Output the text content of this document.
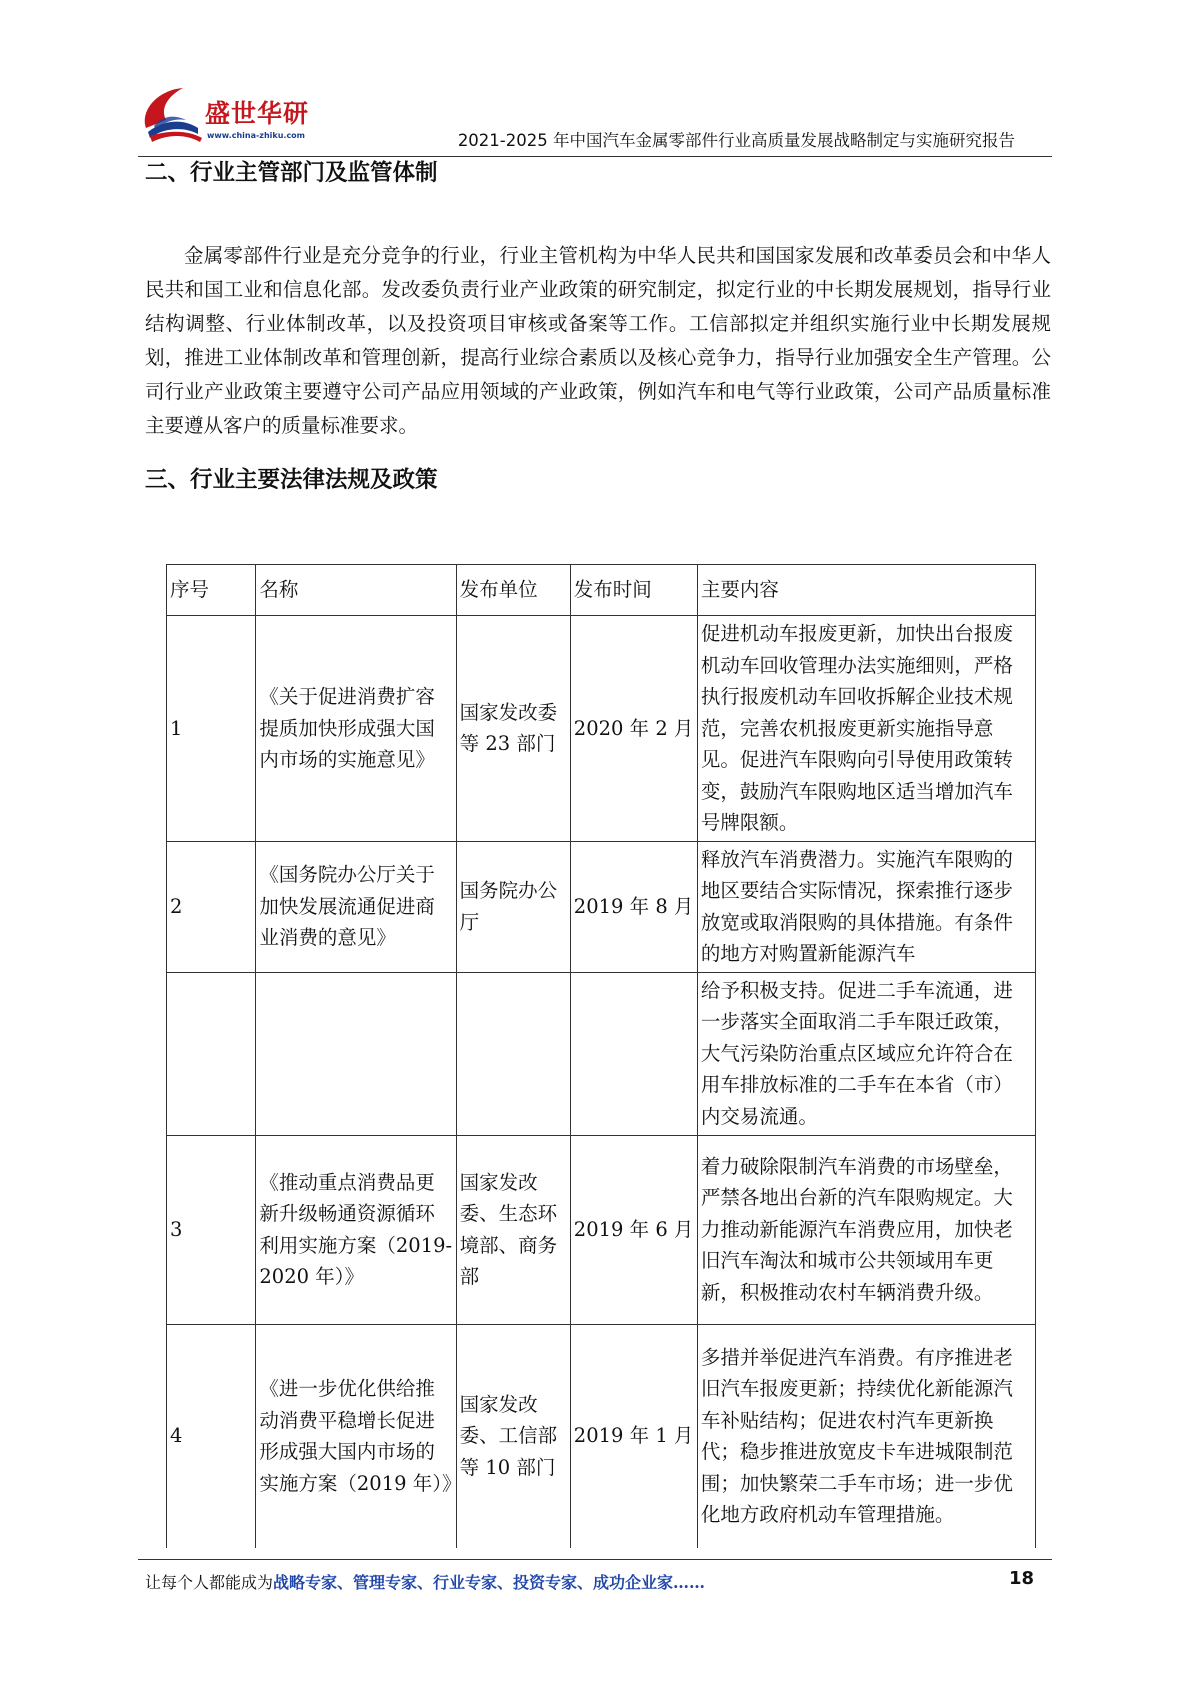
盛世华研
www.china-zhiku.com	2021-2025 年中国汽车金属零部件行业高质量发展战略制定与实施研究报告
二、行业主管部门及监管体制

金属零部件行业是充分竞争的行业，行业主管机构为中华人民共和国国家发展和改革委员会和中华人民共和国工业和信息化部。发改委负责行业产业政策的研究制定，拟定行业的中长期发展规划，指导行业结构调整、行业体制改革，以及投资项目审核或备案等工作。工信部拟定并组织实施行业中长期发展规划，推进工业体制改革和管理创新，提高行业综合素质以及核心竞争力，指导行业加强安全生产管理。公司行业产业政策主要遵守公司产品应用领域的产业政策，例如汽车和电气等行业政策，公司产品质量标准主要遵从客户的质量标准要求。

三、行业主要法律法规及政策
序号	名称	发布单位	发布时间	主要内容
1	《关于促进消费扩容提质加快形成强大国内市场的实施意见》	国家发改委等 23 部门	2020 年 2 月	促进机动车报废更新，加快出台报废机动车回收管理办法实施细则，严格执行报废机动车回收拆解企业技术规范，完善农机报废更新实施指导意见。促进汽车限购向引导使用政策转变，鼓励汽车限购地区适当增加汽车号牌限额。
2	《国务院办公厅关于加快发展流通促进商业消费的意见》	国务院办公厅	2019 年 8 月	释放汽车消费潜力。实施汽车限购的地区要结合实际情况，探索推行逐步放宽或取消限购的具体措施。有条件的地方对购置新能源汽车
				给予积极支持。促进二手车流通，进一步落实全面取消二手车限迁政策，大气污染防治重点区域应允许符合在用车排放标准的二手车在本省（市）内交易流通。
3	《推动重点消费品更新升级畅通资源循环利用实施方案（2019-2020 年）》	国家发改委、生态环境部、商务部	2019 年 6 月	着力破除限制汽车消费的市场壁垒，严禁各地出台新的汽车限购规定。大力推动新能源汽车消费应用，加快老旧汽车淘汰和城市公共领域用车更新，积极推动农村车辆消费升级。
4	《进一步优化供给推动消费平稳增长促进形成强大国内市场的实施方案（2019 年）》	国家发改委、工信部等 10 部门	2019 年 1 月	多措并举促进汽车消费。有序推进老旧汽车报废更新；持续优化新能源汽车补贴结构；促进农村汽车更新换代；稳步推进放宽皮卡车进城限制范围；加快繁荣二手车市场；进一步优化地方政府机动车管理措施。
让每个人都能成为战略专家、管理专家、行业专家、投资专家、成功企业家……	18
